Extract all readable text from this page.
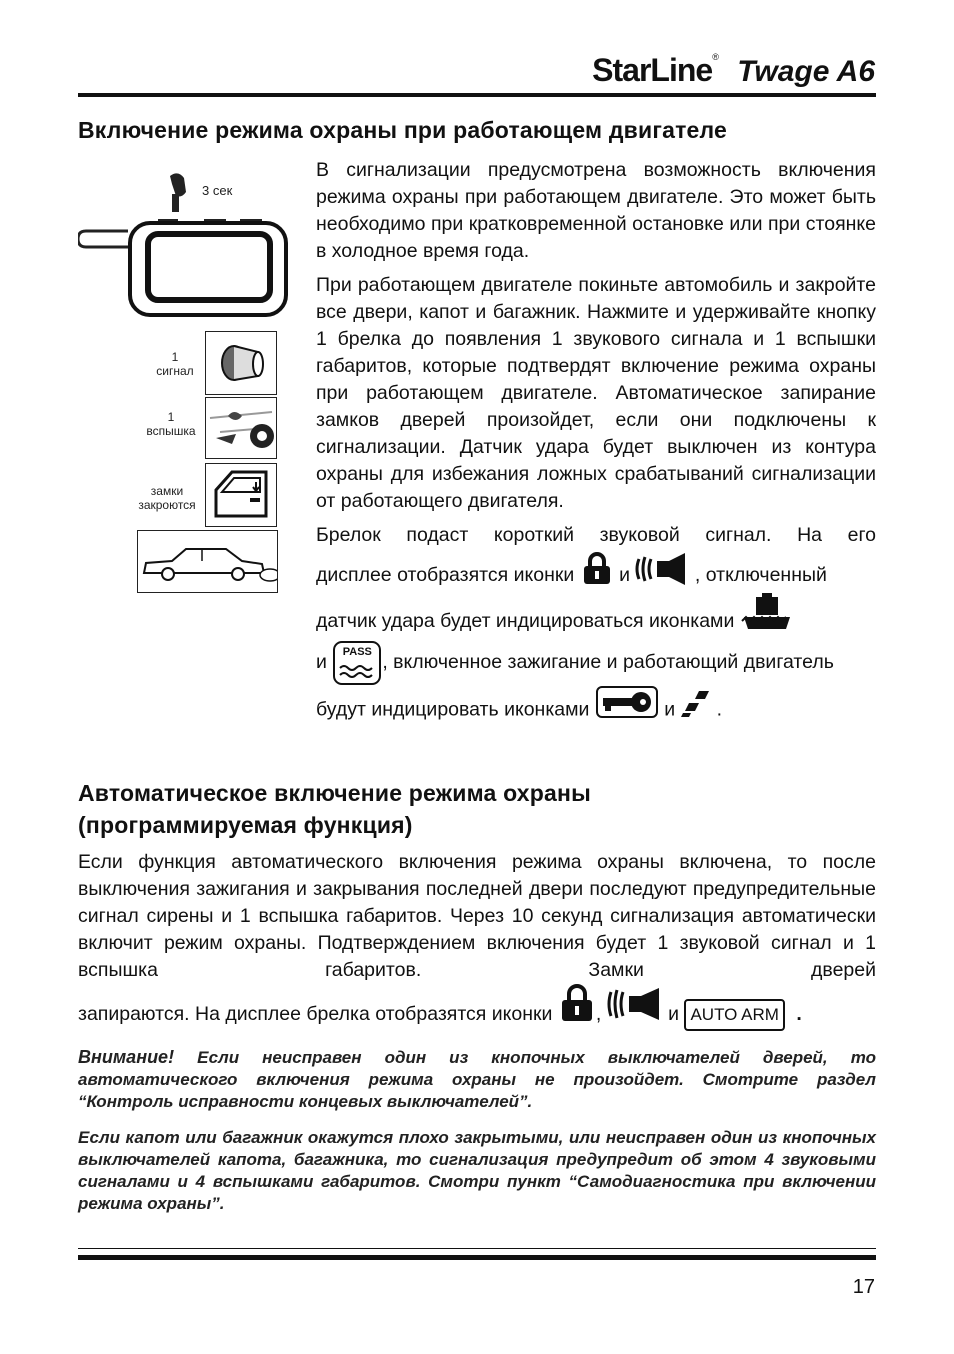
StarLine® Twage A6
Включение режима охраны при работающем двигателе
3 сек
1
сигнал
1
вспышка
замки
закроются

В сигнализации предусмотрена возможность включения режима охраны при работающем двигателе. Это может быть необходимо при кратковременной остановке или при стоянке в холодное время года.

При работающем двигателе покиньте автомобиль и закройте все двери, капот и багажник. Нажмите и удерживайте кнопку 1 брелка до появления 1 звукового сигнала и 1 вспышки габаритов, которые подтвердят включение режима охраны при работающем двигателе. Автоматическое запирание замков дверей произойдет, если они подключены к сигнализации. Датчик удара будет выключен из контура охраны для избежания ложных срабатываний сигнализации от работающего двигателя.

Брелок подаст короткий звуковой сигнал. На его

дисплее отобразятся иконки и	, отключенный
датчик удара будет индицироваться иконками
и	PASS , включенное зажигание и работающий двигатель
будут индицировать иконками	и .
Автоматическое включение режима охраны
(программируемая функция)

Если функция автоматического включения режима охраны включена, то после выключения зажигания и закрывания последней двери последуют предупредительные сигнал сирены и 1 вспышка габаритов. Через 10 секунд сигнализация автоматически включит режим охраны. Подтверждением включения будет 1 звуковой сигнал и 1 вспышка габаритов. Замки дверей

запираются. На дисплее брелка отобразятся иконки ,	и AUTO ARM .

Внимание! Если неисправен один из кнопочных выключателей дверей, то автоматического включения режима охраны не произойдет. Смотрите раздел “Контроль исправности концевых выключателей”.

Если капот или багажник окажутся плохо закрытыми, или неисправен один из кнопочных выключателей капота, багажника, то сигнализация предупредит об этом 4 звуковыми сигналами и 4 вспышками габаритов. Смотри пункт “Самодиагностика при включении режима охраны”.

17
